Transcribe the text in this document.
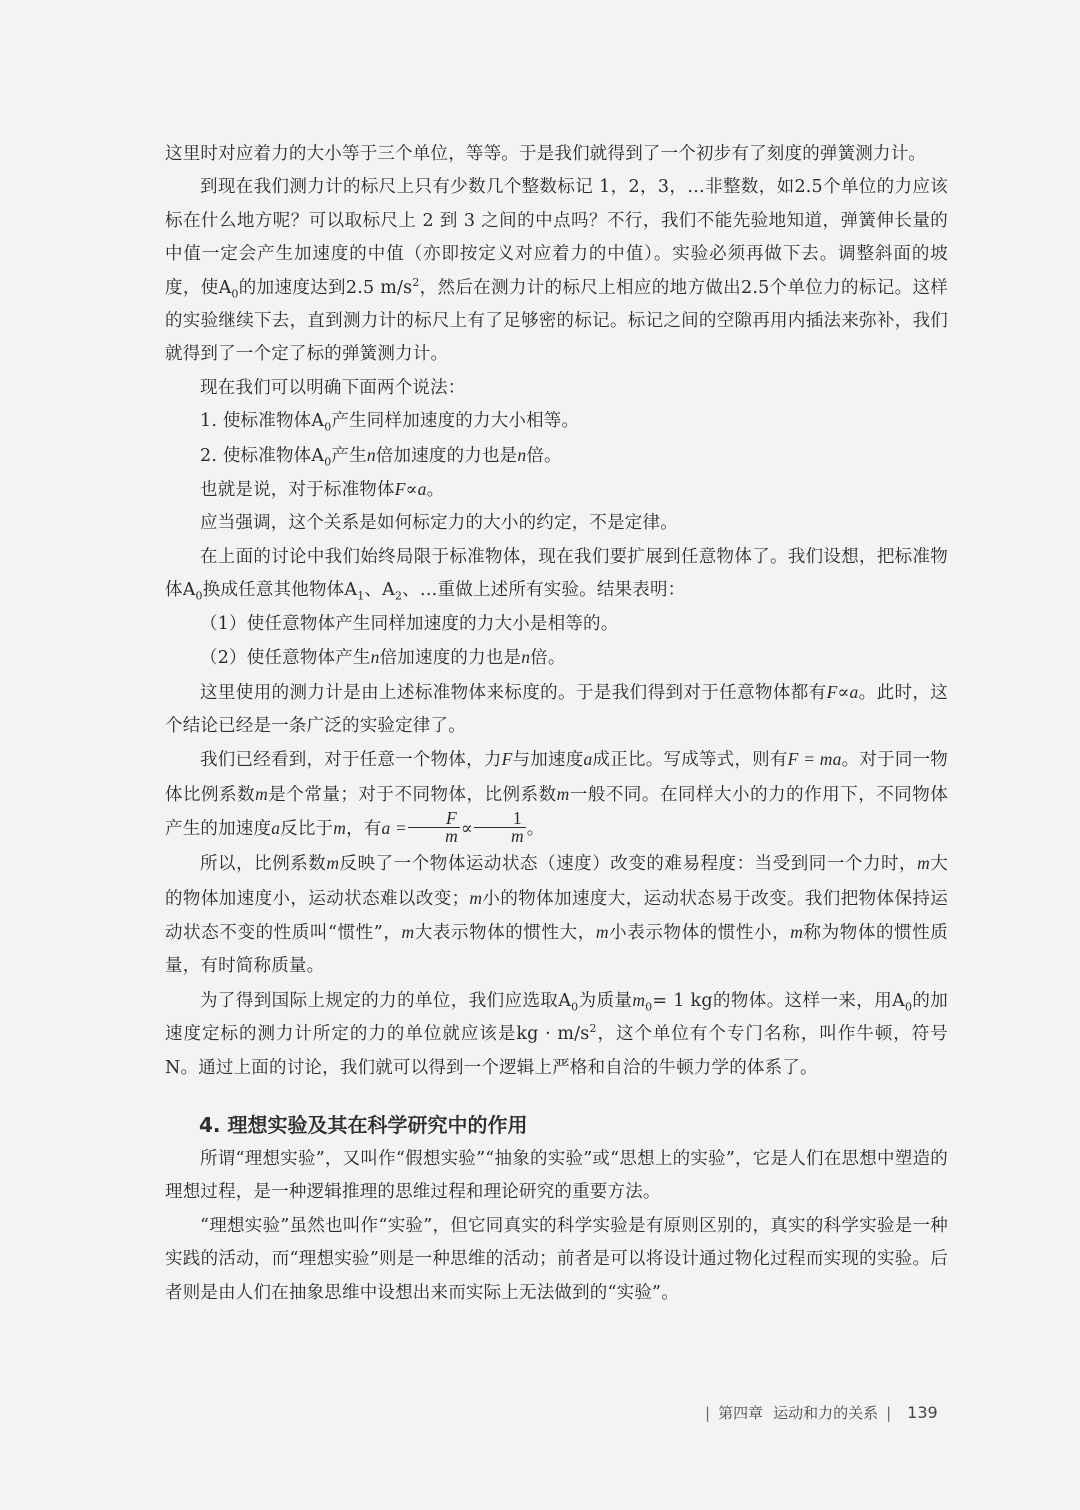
这里时对应着力的大小等于三个单位，等等。于是我们就得到了一个初步有了刻度的弹簧测力计。

到现在我们测力计的标尺上只有少数几个整数标记 1，2，3，…非整数，如2.5个单位的力应该标在什么地方呢？可以取标尺上 2 到 3 之间的中点吗？不行，我们不能先验地知道，弹簧伸长量的中值一定会产生加速度的中值（亦即按定义对应着力的中值）。实验必须再做下去。调整斜面的坡度，使$A_0$的加速度达到2.5 $m/s^2$，然后在测力计的标尺上相应的地方做出2.5个单位力的标记。这样的实验继续下去，直到测力计的标尺上有了足够密的标记。标记之间的空隙再用内插法来弥补，我们就得到了一个定了标的弹簧测力计。

现在我们可以明确下面两个说法：

1. 使标准物体$A_0$产生同样加速度的力大小相等。

2. 使标准物体$A_0$产生n倍加速度的力也是n倍。

也就是说，对于标准物体F∝a。

应当强调，这个关系是如何标定力的大小的约定，不是定律。

在上面的讨论中我们始终局限于标准物体，现在我们要扩展到任意物体了。我们设想，把标准物体$A_0$换成任意其他物体$A_1$、$A_2$、…重做上述所有实验。结果表明：

（1）使任意物体产生同样加速度的力大小是相等的。

（2）使任意物体产生n倍加速度的力也是n倍。

这里使用的测力计是由上述标准物体来标度的。于是我们得到对于任意物体都有F∝a。此时，这个结论已经是一条广泛的实验定律了。

我们已经看到，对于任意一个物体，力F与加速度a成正比。写成等式，则有F = ma。对于同一物体比例系数m是个常量；对于不同物体，比例系数m一般不同。在同样大小的力的作用下，不同物体产生的加速度a反比于m，有$a = \frac{F}{m} \propto \frac{1}{m}$ 。

所以，比例系数m反映了一个物体运动状态（速度）改变的难易程度：当受到同一个力时，m大的物体加速度小，运动状态难以改变；m小的物体加速度大，运动状态易于改变。我们把物体保持运动状态不变的性质叫“惯性”，m大表示物体的惯性大，m小表示物体的惯性小，m称为物体的惯性质量，有时简称质量。

为了得到国际上规定的力的单位，我们应选取$A_0$为质量$m_0= 1$ kg的物体。这样一来，用$A_0$的加速度定标的测力计所定的力的单位就应该是kg · $m/s^2$，这个单位有个专门名称，叫作牛顿，符号N。通过上面的讨论，我们就可以得到一个逻辑上严格和自洽的牛顿力学的体系了。

4. 理想实验及其在科学研究中的作用

所谓“理想实验”，又叫作“假想实验”“抽象的实验”或“思想上的实验”，它是人们在思想中塑造的理想过程，是一种逻辑推理的思维过程和理论研究的重要方法。

“理想实验”虽然也叫作“实验”，但它同真实的科学实验是有原则区别的，真实的科学实验是一种实践的活动，而“理想实验”则是一种思维的活动；前者是可以将设计通过物化过程而实现的实验。后者则是由人们在抽象思维中设想出来而实际上无法做到的“实验”。

| 第四章 运动和力的关系 | 139
